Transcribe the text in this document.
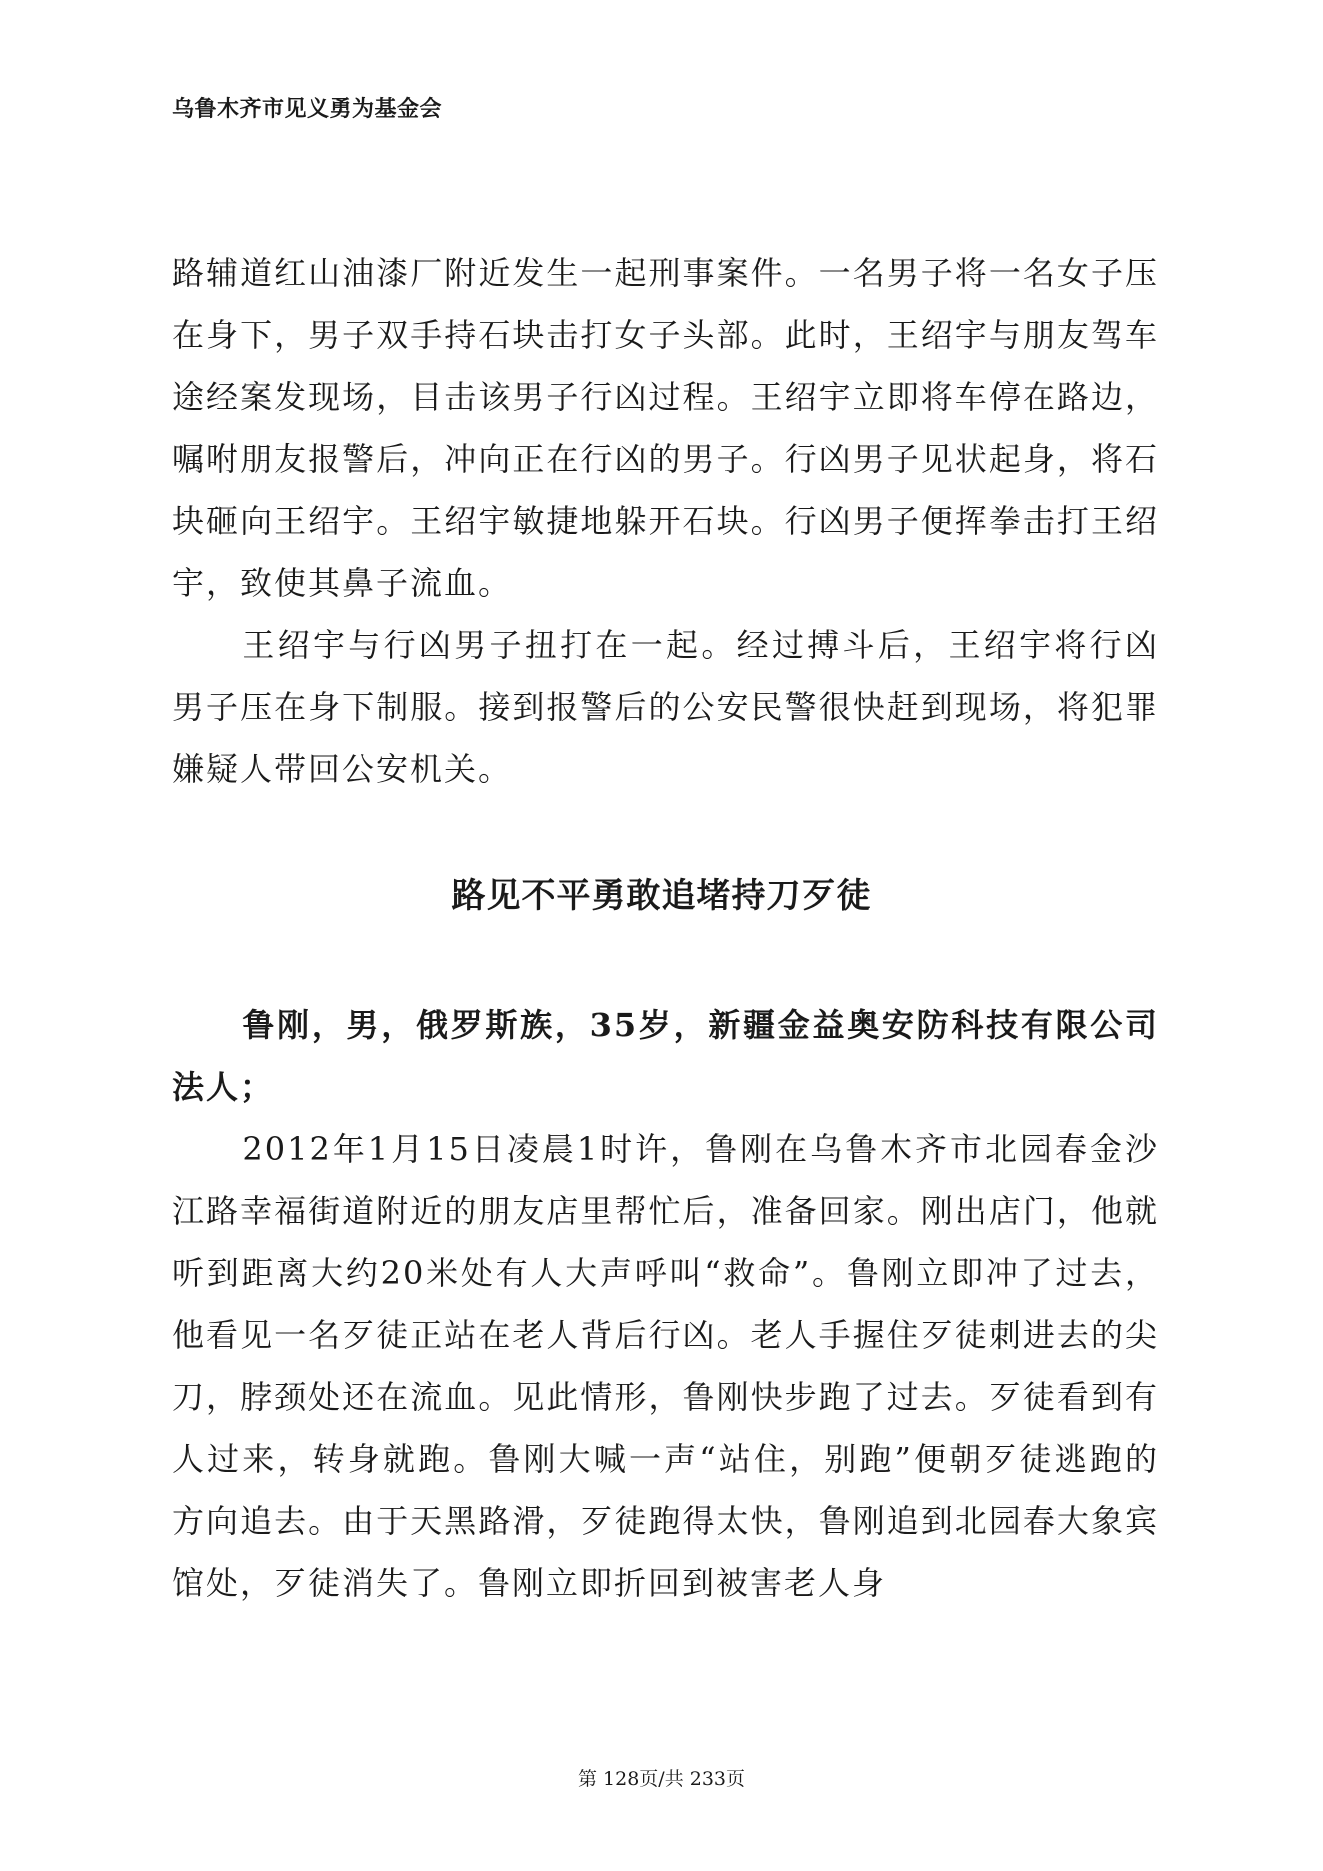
乌鲁木齐市见义勇为基金会

路辅道红山油漆厂附近发生一起刑事案件。一名男子将一名女子压在身下，男子双手持石块击打女子头部。此时，王绍宇与朋友驾车途经案发现场，目击该男子行凶过程。王绍宇立即将车停在路边，嘱咐朋友报警后，冲向正在行凶的男子。行凶男子见状起身，将石块砸向王绍宇。王绍宇敏捷地躲开石块。行凶男子便挥拳击打王绍宇，致使其鼻子流血。

王绍宇与行凶男子扭打在一起。经过搏斗后，王绍宇将行凶男子压在身下制服。接到报警后的公安民警很快赶到现场，将犯罪嫌疑人带回公安机关。

路见不平勇敢追堵持刀歹徒

鲁刚，男，俄罗斯族，35岁，新疆金益奥安防科技有限公司法人；

2012年1月15日凌晨1时许，鲁刚在乌鲁木齐市北园春金沙江路幸福街道附近的朋友店里帮忙后，准备回家。刚出店门，他就听到距离大约20米处有人大声呼叫“救命”。鲁刚立即冲了过去，他看见一名歹徒正站在老人背后行凶。老人手握住歹徒刺进去的尖刀，脖颈处还在流血。见此情形，鲁刚快步跑了过去。歹徒看到有人过来，转身就跑。鲁刚大喊一声“站住，别跑”便朝歹徒逃跑的方向追去。由于天黑路滑，歹徒跑得太快，鲁刚追到北园春大象宾馆处，歹徒消失了。鲁刚立即折回到被害老人身

第 128页/共 233页
